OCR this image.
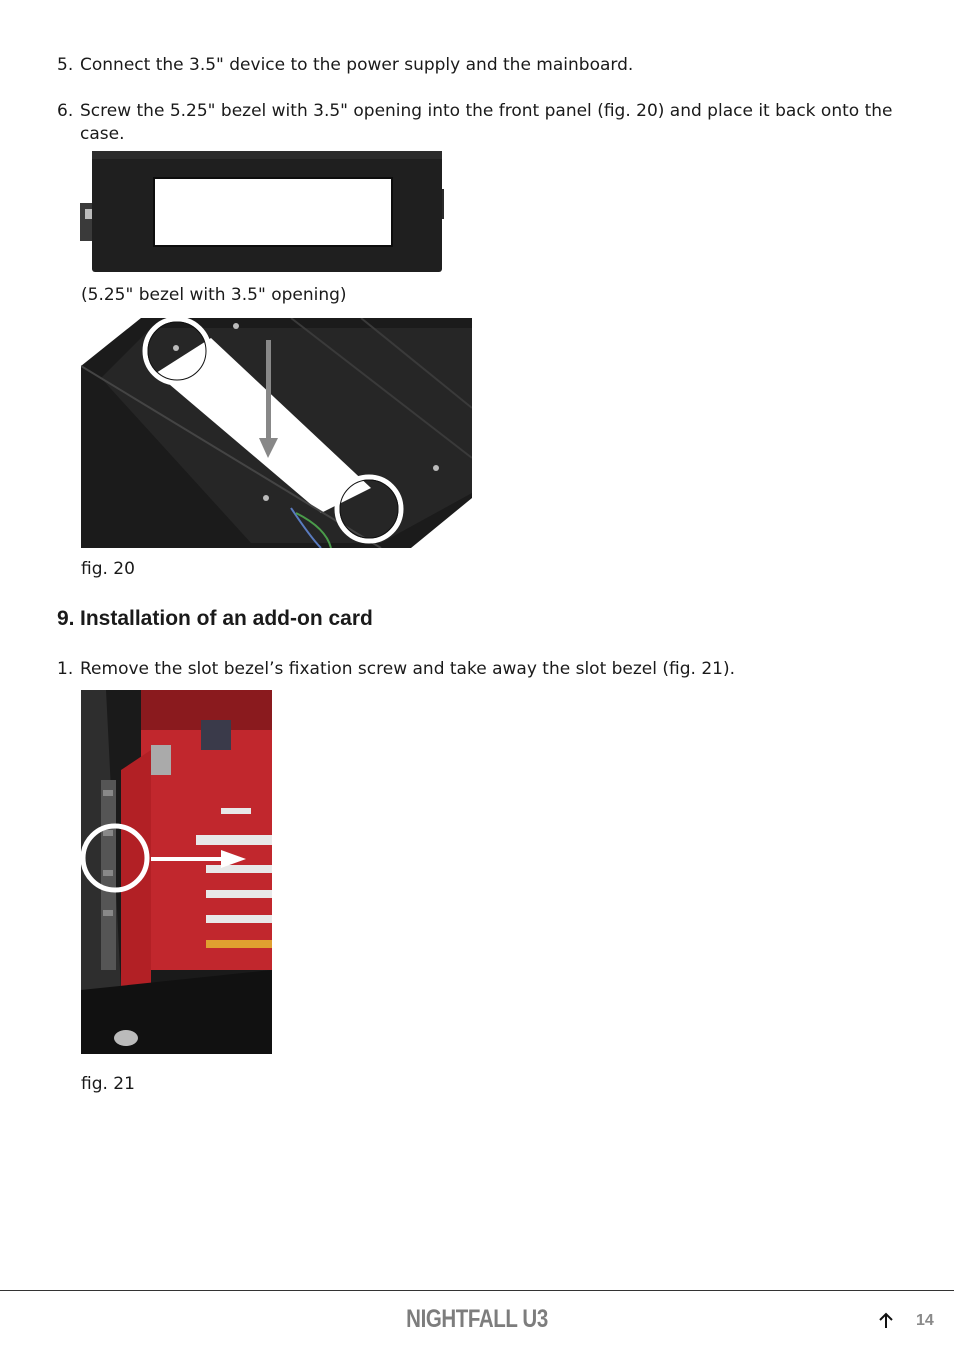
5. Connect the 3.5" device to the power supply and the mainboard.
6. Screw the 5.25" bezel with 3.5" opening into the front panel (fig. 20) and place it back onto the case.
(5.25" bezel with 3.5" opening)
fig. 20
9. Installation of an add-on card
1. Remove the slot bezel’s fixation screw and take away the slot bezel (fig. 21).
fig. 21
NIGHTFALL U3	14
